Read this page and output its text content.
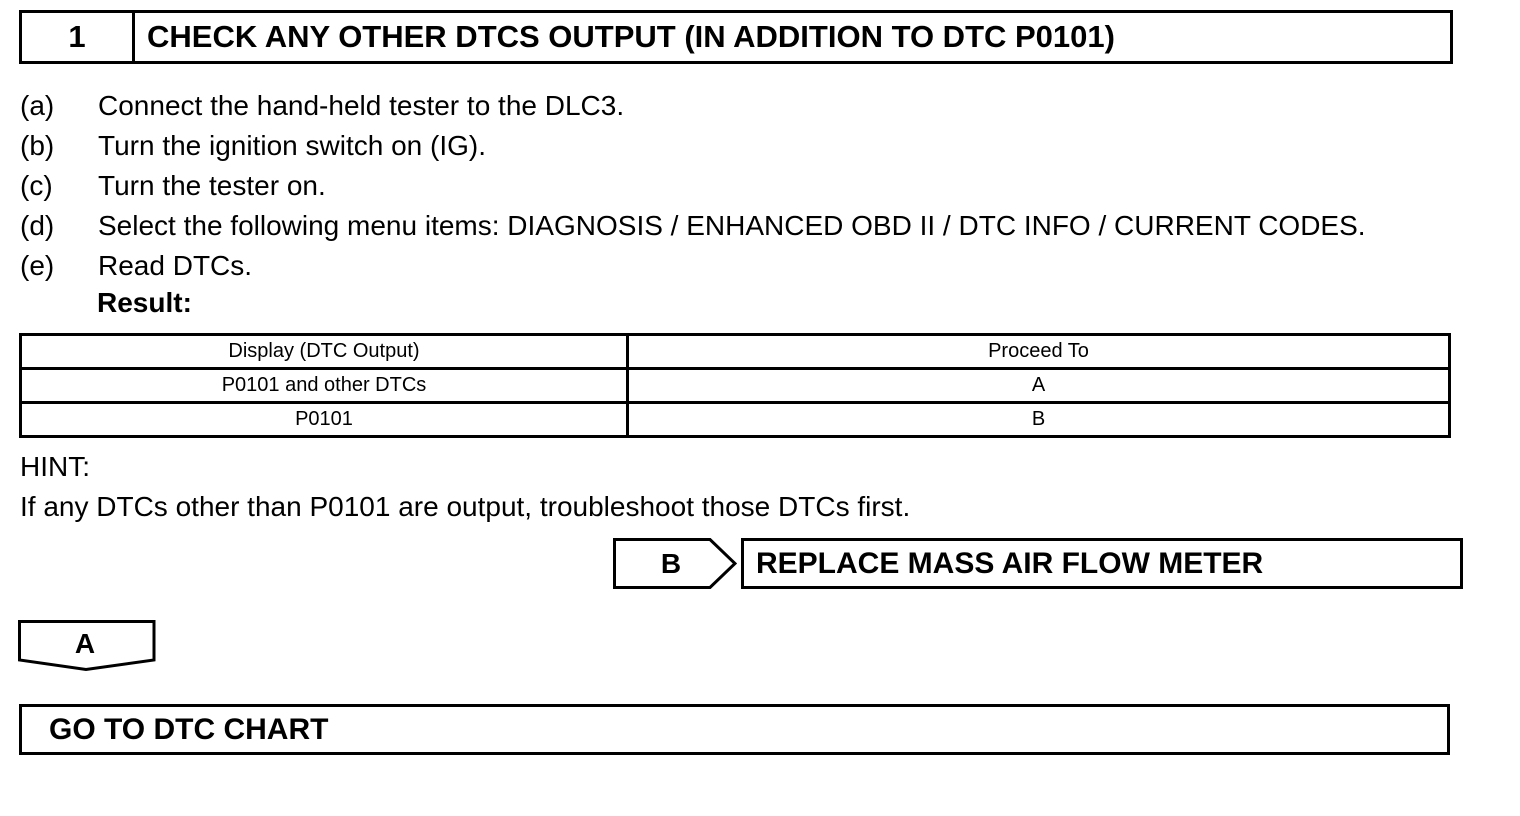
1	CHECK ANY OTHER DTCS OUTPUT (IN ADDITION TO DTC P0101)
(a)	Connect the hand-held tester to the DLC3.
(b)	Turn the ignition switch on (IG).
(c)	Turn the tester on.
(d)	Select the following menu items: DIAGNOSIS / ENHANCED OBD II / DTC INFO / CURRENT CODES.
(e)	Read DTCs.
Result:
Display (DTC Output)	Proceed To
P0101 and other DTCs	A
P0101	B
HINT:
If any DTCs other than P0101 are output, troubleshoot those DTCs first.
B	REPLACE MASS AIR FLOW METER
A
GO TO DTC CHART
